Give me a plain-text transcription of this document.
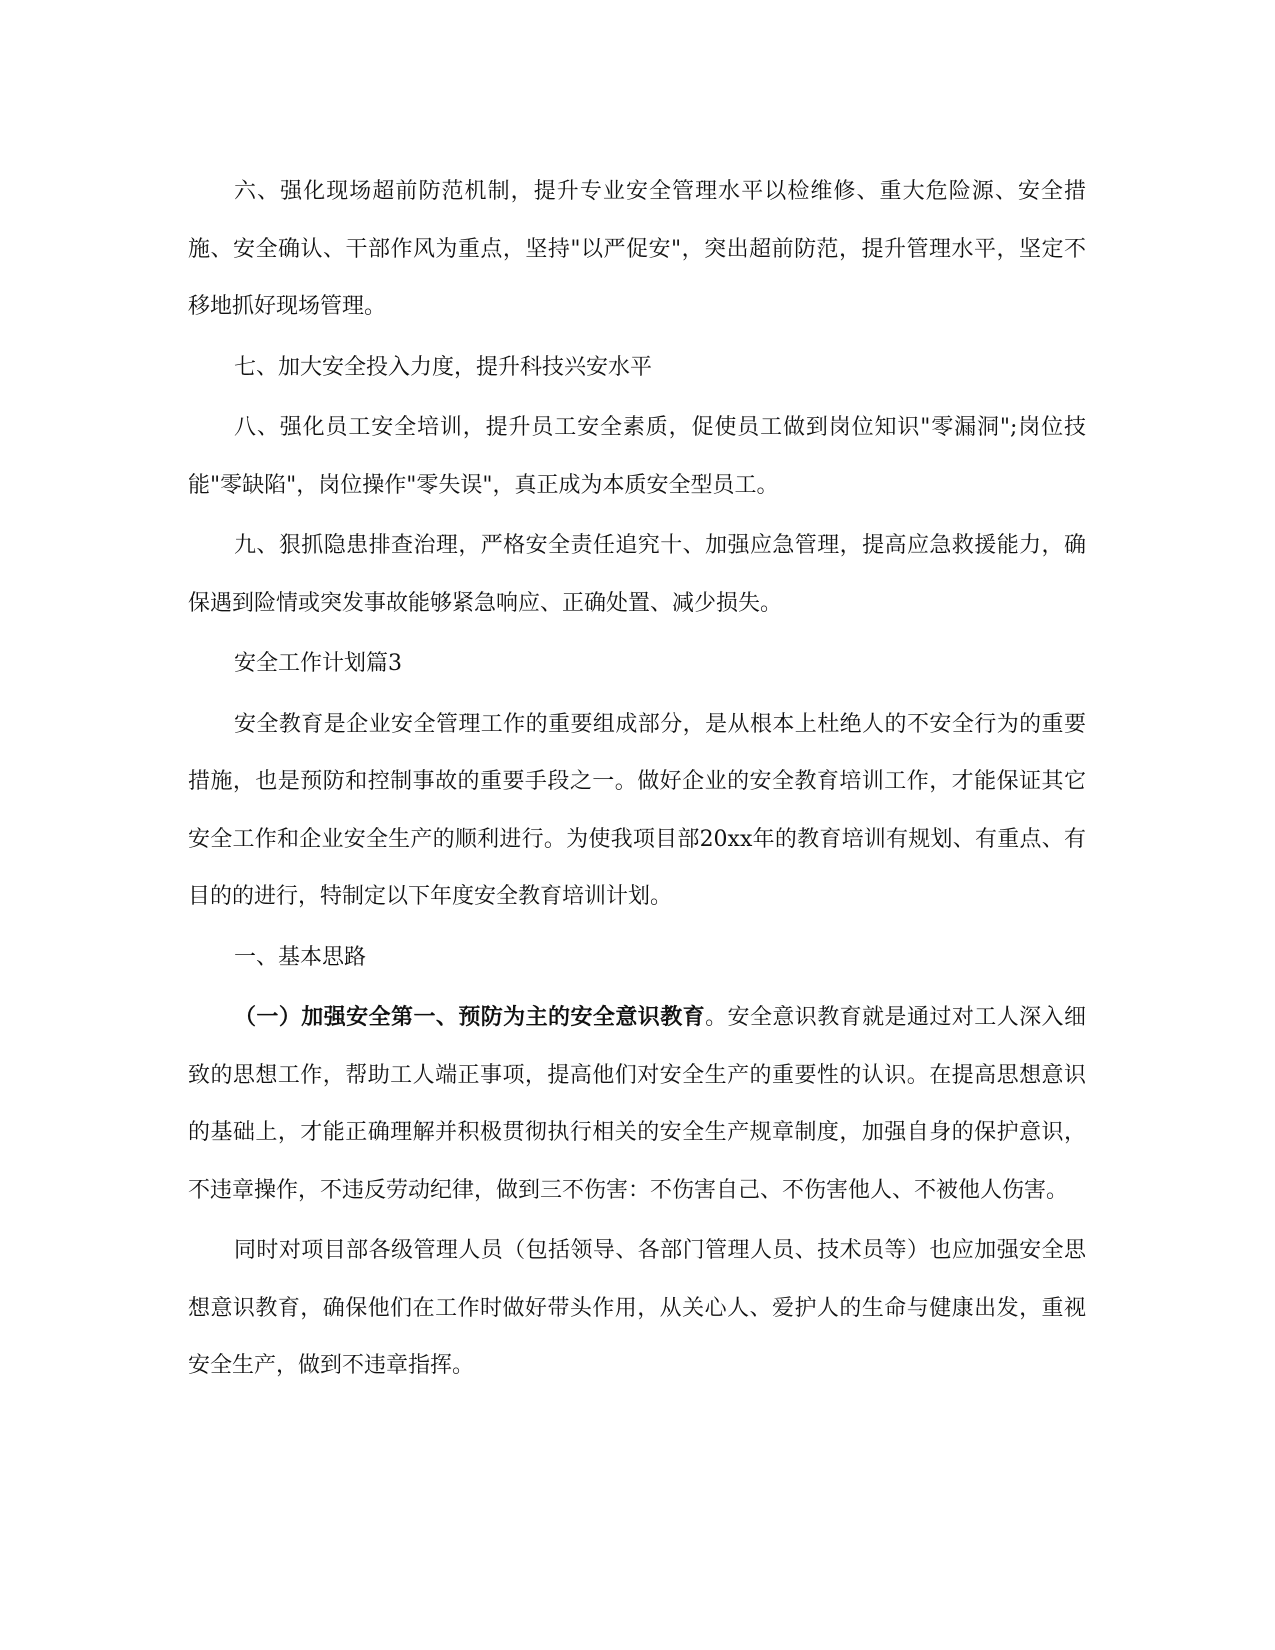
六、强化现场超前防范机制，提升专业安全管理水平以检维修、重大危险源、安全措施、安全确认、干部作风为重点，坚持"以严促安"，突出超前防范，提升管理水平，坚定不移地抓好现场管理。

七、加大安全投入力度，提升科技兴安水平

八、强化员工安全培训，提升员工安全素质，促使员工做到岗位知识"零漏洞";岗位技能"零缺陷"，岗位操作"零失误"，真正成为本质安全型员工。

九、狠抓隐患排查治理，严格安全责任追究十、加强应急管理，提高应急救援能力，确保遇到险情或突发事故能够紧急响应、正确处置、减少损失。

安全工作计划篇3

安全教育是企业安全管理工作的重要组成部分，是从根本上杜绝人的不安全行为的重要措施，也是预防和控制事故的重要手段之一。做好企业的安全教育培训工作，才能保证其它安全工作和企业安全生产的顺利进行。为使我项目部20xx年的教育培训有规划、有重点、有目的的进行，特制定以下年度安全教育培训计划。

一、基本思路

（一）加强安全第一、预防为主的安全意识教育。安全意识教育就是通过对工人深入细致的思想工作，帮助工人端正事项，提高他们对安全生产的重要性的认识。在提高思想意识的基础上，才能正确理解并积极贯彻执行相关的安全生产规章制度，加强自身的保护意识，不违章操作，不违反劳动纪律，做到三不伤害：不伤害自己、不伤害他人、不被他人伤害。

同时对项目部各级管理人员（包括领导、各部门管理人员、技术员等）也应加强安全思想意识教育，确保他们在工作时做好带头作用，从关心人、爱护人的生命与健康出发，重视安全生产，做到不违章指挥。
